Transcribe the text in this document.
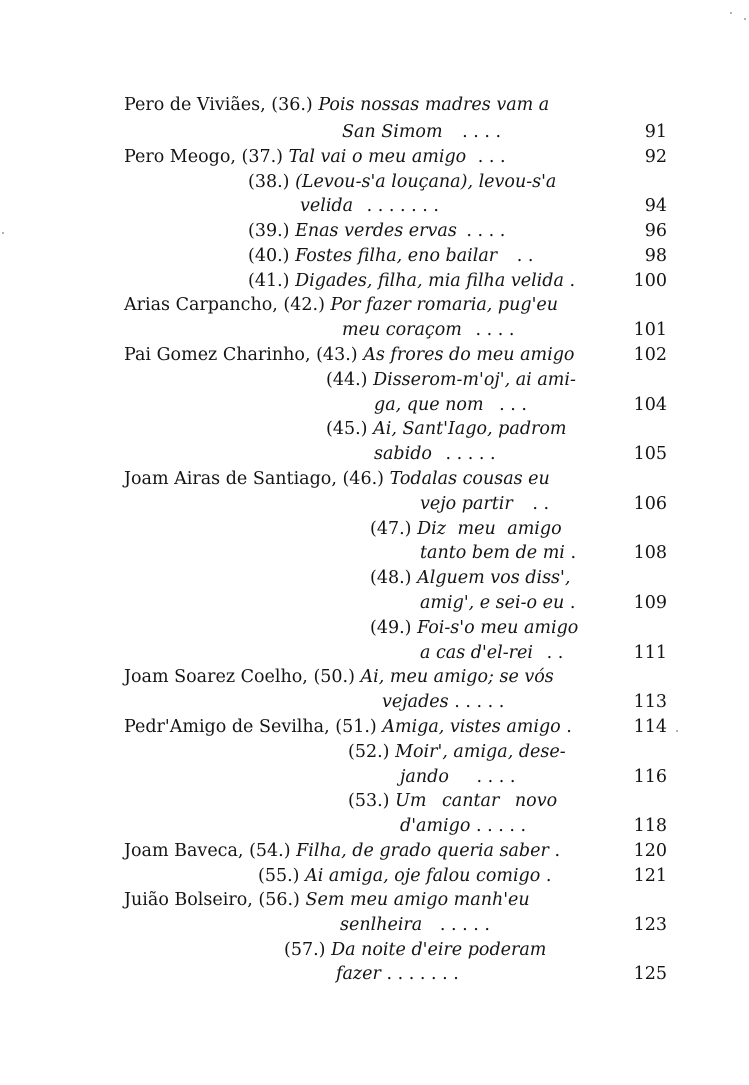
Pero de Viviães, (36.) Pois nossas madres vam a
San Simom . . . .	91
Pero Meogo, (37.) Tal vai o meu amigo . . .	92
(38.) (Levou-s'a louçana), levou-s'a
velida . . . . . . .	94
(39.) Enas verdes ervas . . . .	96
(40.) Fostes filha, eno bailar . .	98
(41.) Digades, filha, mia filha velida .	100
Arias Carpancho, (42.) Por fazer romaria, pug'eu
meu coraçom . . . .	101
Pai Gomez Charinho, (43.) As frores do meu amigo	102
(44.) Disserom-m'oj', ai ami-
ga, que nom . . .	104
(45.) Ai, Sant'Iago, padrom
sabido . . . . .	105
Joam Airas de Santiago, (46.) Todalas cousas eu
vejo partir . .	106
(47.) Diz meu amigo
tanto bem de mi .	108
(48.) Alguem vos diss',
amig', e sei-o eu .	109
(49.) Foi-s'o meu amigo
a cas d'el-rei . .	111
Joam Soarez Coelho, (50.) Ai, meu amigo; se vós
vejades . . . . .	113
Pedr'Amigo de Sevilha, (51.) Amiga, vistes amigo .	114
(52.) Moir', amiga, dese-
jando . . . .	116
(53.) Um cantar novo
d'amigo . . . . .	118
Joam Baveca, (54.) Filha, de grado queria saber .	120
(55.) Ai amiga, oje falou comigo .	121
Juião Bolseiro, (56.) Sem meu amigo manh'eu
senlheira . . . . .	123
(57.) Da noite d'eire poderam
fazer . . . . . . .	125
